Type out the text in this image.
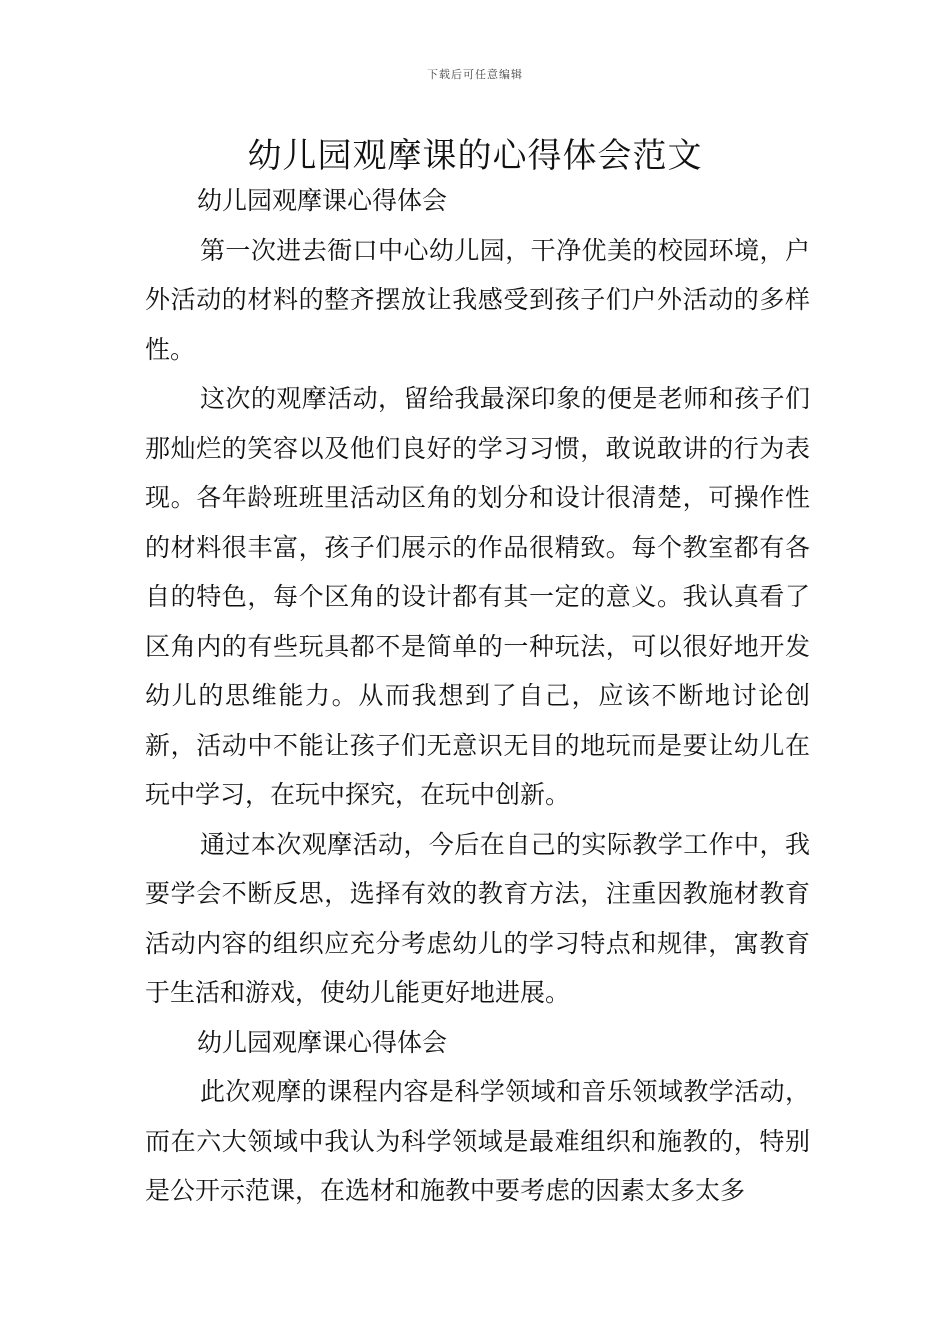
下载后可任意编辑
幼儿园观摩课的心得体会范文

幼儿园观摩课心得体会

第一次进去衙口中心幼儿园，干净优美的校园环境，户外活动的材料的整齐摆放让我感受到孩子们户外活动的多样性。

这次的观摩活动，留给我最深印象的便是老师和孩子们那灿烂的笑容以及他们良好的学习习惯，敢说敢讲的行为表现。各年龄班班里活动区角的划分和设计很清楚，可操作性的材料很丰富，孩子们展示的作品很精致。每个教室都有各自的特色，每个区角的设计都有其一定的意义。我认真看了区角内的有些玩具都不是简单的一种玩法，可以很好地开发幼儿的思维能力。从而我想到了自己，应该不断地讨论创新，活动中不能让孩子们无意识无目的地玩而是要让幼儿在玩中学习，在玩中探究，在玩中创新。

通过本次观摩活动，今后在自己的实际教学工作中，我要学会不断反思，选择有效的教育方法，注重因教施材教育活动内容的组织应充分考虑幼儿的学习特点和规律，寓教育于生活和游戏，使幼儿能更好地进展。

幼儿园观摩课心得体会

此次观摩的课程内容是科学领域和音乐领域教学活动，而在六大领域中我认为科学领域是最难组织和施教的，特别是公开示范课，在选材和施教中要考虑的因素太多太多
